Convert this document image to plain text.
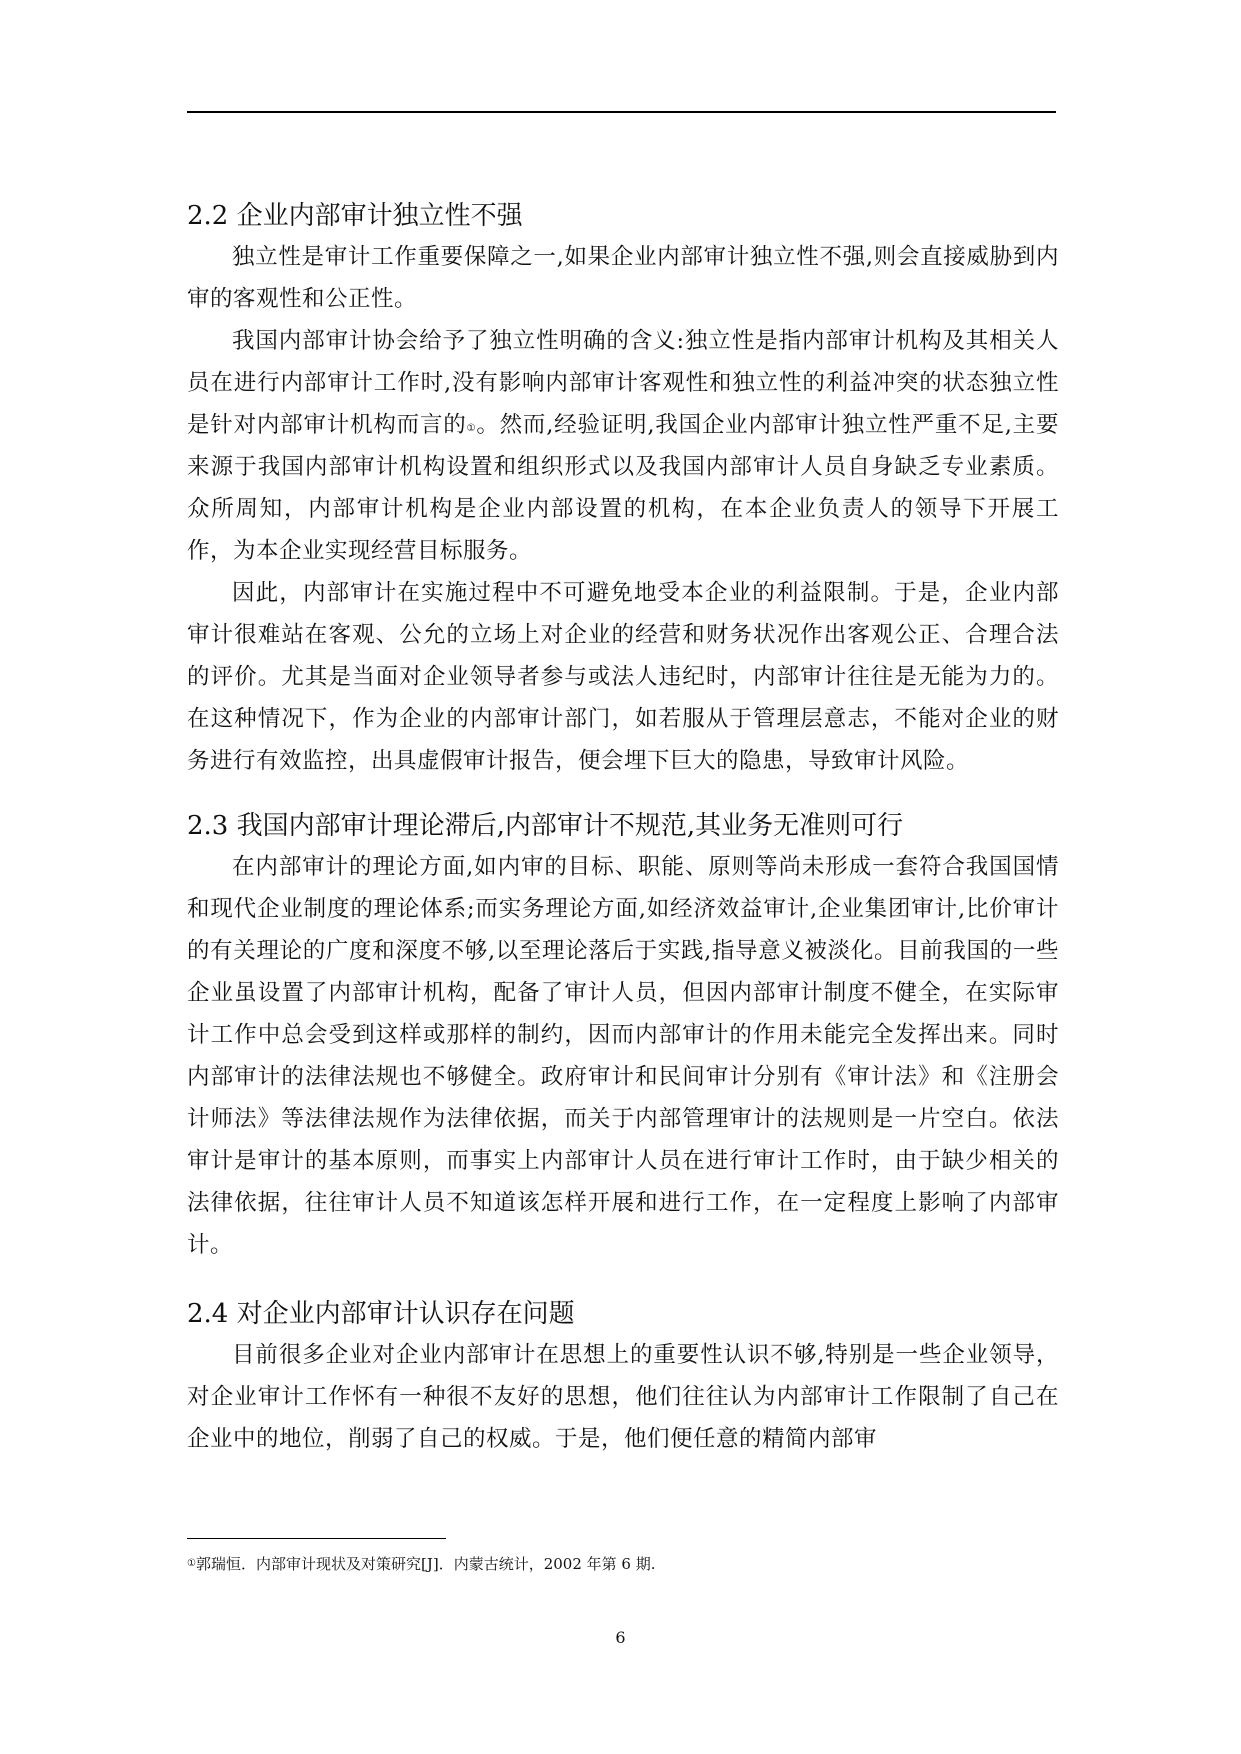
2.2 企业内部审计独立性不强

独立性是审计工作重要保障之一,如果企业内部审计独立性不强,则会直接威胁到内审的客观性和公正性。

我国内部审计协会给予了独立性明确的含义:独立性是指内部审计机构及其相关人员在进行内部审计工作时,没有影响内部审计客观性和独立性的利益冲突的状态独立性是针对内部审计机构而言的①。然而,经验证明,我国企业内部审计独立性严重不足,主要来源于我国内部审计机构设置和组织形式以及我国内部审计人员自身缺乏专业素质。众所周知，内部审计机构是企业内部设置的机构，在本企业负责人的领导下开展工作，为本企业实现经营目标服务。

因此，内部审计在实施过程中不可避免地受本企业的利益限制。于是，企业内部审计很难站在客观、公允的立场上对企业的经营和财务状况作出客观公正、合理合法的评价。尤其是当面对企业领导者参与或法人违纪时，内部审计往往是无能为力的。在这种情况下，作为企业的内部审计部门，如若服从于管理层意志，不能对企业的财务进行有效监控，出具虚假审计报告，便会埋下巨大的隐患，导致审计风险。

2.3 我国内部审计理论滞后,内部审计不规范,其业务无准则可行

在内部审计的理论方面,如内审的目标、职能、原则等尚未形成一套符合我国国情和现代企业制度的理论体系;而实务理论方面,如经济效益审计,企业集团审计,比价审计的有关理论的广度和深度不够,以至理论落后于实践,指导意义被淡化。目前我国的一些企业虽设置了内部审计机构，配备了审计人员，但因内部审计制度不健全，在实际审计工作中总会受到这样或那样的制约，因而内部审计的作用未能完全发挥出来。同时内部审计的法律法规也不够健全。政府审计和民间审计分别有《审计法》和《注册会计师法》等法律法规作为法律依据，而关于内部管理审计的法规则是一片空白。依法审计是审计的基本原则，而事实上内部审计人员在进行审计工作时，由于缺少相关的法律依据，往往审计人员不知道该怎样开展和进行工作，在一定程度上影响了内部审计。

2.4 对企业内部审计认识存在问题

目前很多企业对企业内部审计在思想上的重要性认识不够,特别是一些企业领导，对企业审计工作怀有一种很不友好的思想，他们往往认为内部审计工作限制了自己在企业中的地位，削弱了自己的权威。于是，他们便任意的精简内部审

①郭瑞恒．内部审计现状及对策研究[J]．内蒙古统计，2002 年第 6 期.
6
